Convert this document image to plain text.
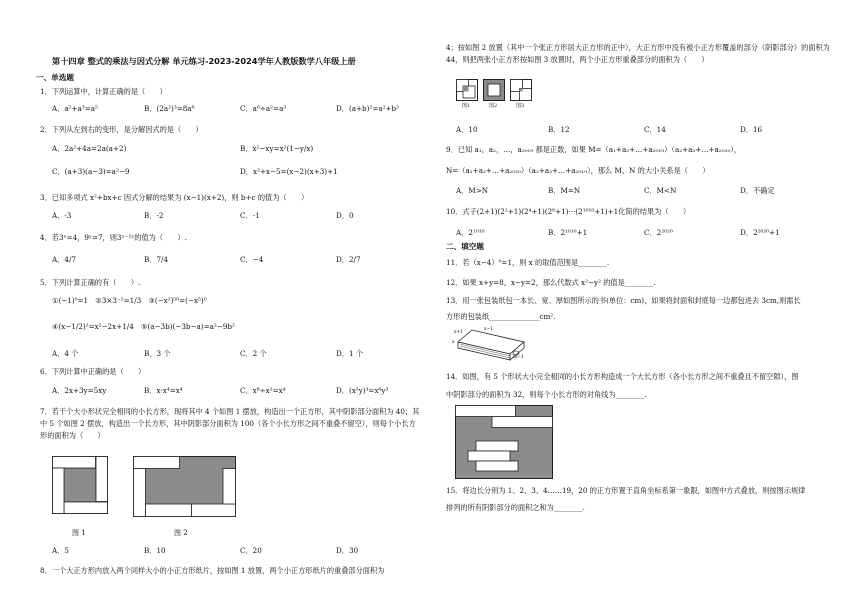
第十四章 整式的乘法与因式分解 单元练习-2023-2024学年人教版数学八年级上册
一、单选题
1．下列运算中，计算正确的是（　　）
A．a²+a³=a⁵	B．(2a²)³=8a⁶	C．a⁶÷a²=a³	D．(a+b)²=a²+b²
2．下列从左到右的变形，是分解因式的是（　　）
A．2a²+4a=2a(a+2)	B．x²−xy=x²(1−y/x)
C．(a+3)(a−3)=a²−9	D．x²+x−5=(x−2)(x+3)+1
3．已知多项式 x²+bx+c 因式分解的结果为 (x−1)(x+2)，则 b+c 的值为（　　）
A．-3	B．-2	C．-1	D．0
4．若3ˣ=4，9ʸ=7，则3ˣ⁻²ʸ的值为（　　）.
A．4/7	B．7/4	C．−4	D．2/7
5．下列计算正确的有（　　）.
①(−1)⁰=1　②3×3⁻²=1/3　③(−x²)⁵⁰=(−x⁵)⁰
④(x−1/2)²=x²−2x+1/4　⑤(a−3b)(−3b−a)=a²−9b²
A．4 个	B．3 个	C．2 个	D．1 个
6．下列计算中正确的是（　　）
A．2x+3y=5xy	B．x·x⁴=x⁴	C．x⁸÷x²=x⁴	D．(x²y)³=x⁶y³
7．若干个大小形状完全相同的小长方形，现将其中 4 个如图 1 摆放，构造出一个正方形，其中阴影部分面积为 40；其中 5 个如图 2 摆放，构造出一个长方形，其中阴影部分面积为 100（各个小长方形之间不重叠不留空），则每个小长方形的面积为（　　）
图 1	图 2
A．5	B．10	C．20	D．30
8．一个大正方形内放入两个同样大小的小正方形纸片，按如图 1 放置，两个小正方形纸片的重叠部分面积为
4；按如图 2 放置（其中一个张正方形居大正方形的正中），大正方形中没有被小正方形覆盖的部分（阴影部分）的面积为 44，则把两张小正方形按如图 3 放置时，两个小正方形重叠部分的面积为（　　）
图1	图2	图3
A．10	B．12	C．14	D．16
9．已知 a₁，a₂，…，a₂₀₁₉ 都是正数，如果 M=（a₁+a₂+…+a₂₀₁₉）（a₂+a₃+…+a₂₀₂₀），
N=（a₁+a₂+…+a₂₀₂₀）（a₂+a₃+…+a₂₀₁₉），那么 M，N 的大小关系是（　　）
A．M>N	B．M=N	C．M<N	D．不确定
10．式子(2+1)(2²+1)(2⁴+1)(2⁸+1)···(2¹⁰¹⁰+1)+1化简的结果为（　　）
A．2¹⁰¹⁰	B．2¹⁰¹⁰+1	C．2²⁰²⁰	D．2²⁰²⁰+1
二、填空题
11．若（x−4）⁰=1，则 x 的取值范围是________.
12．如果 x+y=8，x−y=2，那么代数式 x²−y² 的值是________.
13．用一张包装纸包一本长、宽、厚如图所示的书(单位：cm)，如果将封面和封底每一边都包进去 3cm,则需长
方形的包装纸______________cm².
x
x+1
x−1
2x−1
14．如图，有 5 个形状大小完全相同的小长方形构造成一个大长方形（各小长方形之间不重叠且不留空隙），图
中阴影部分的面积为 32，则每个小长方形的对角线为________.
15．将边长分别为 1、2、3、4……19，20 的正方形置于直角坐标系第一象限，如图中方式叠放，则按图示规律
排列的所有阴影部分的面积之和为________.
